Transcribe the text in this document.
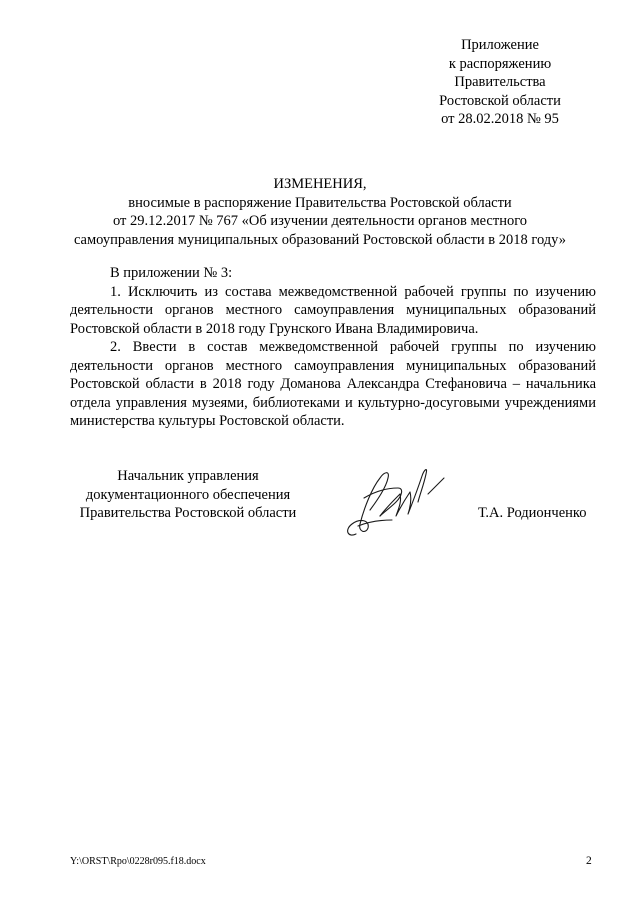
Приложение
к распоряжению
Правительства
Ростовской области
от 28.02.2018 № 95
ИЗМЕНЕНИЯ,
вносимые в распоряжение Правительства Ростовской области
от 29.12.2017 № 767 «Об изучении деятельности органов местного
самоуправления муниципальных образований Ростовской области в 2018 году»
В приложении № 3:

1. Исключить из состава межведомственной рабочей группы по изучению деятельности органов местного самоуправления муниципальных образований Ростовской области в 2018 году Грунского Ивана Владимировича.

2. Ввести в состав межведомственной рабочей группы по изучению деятельности органов местного самоуправления муниципальных образований Ростовской области в 2018 году Доманова Александра Стефановича – начальника отдела управления музеями, библиотеками и культурно-досуговыми учреждениями министерства культуры Ростовской области.

Начальник управления
документационного обеспечения
Правительства Ростовской области	Т.А. Родионченко
Y:\ORST\Rpo\0228r095.f18.docx	2
